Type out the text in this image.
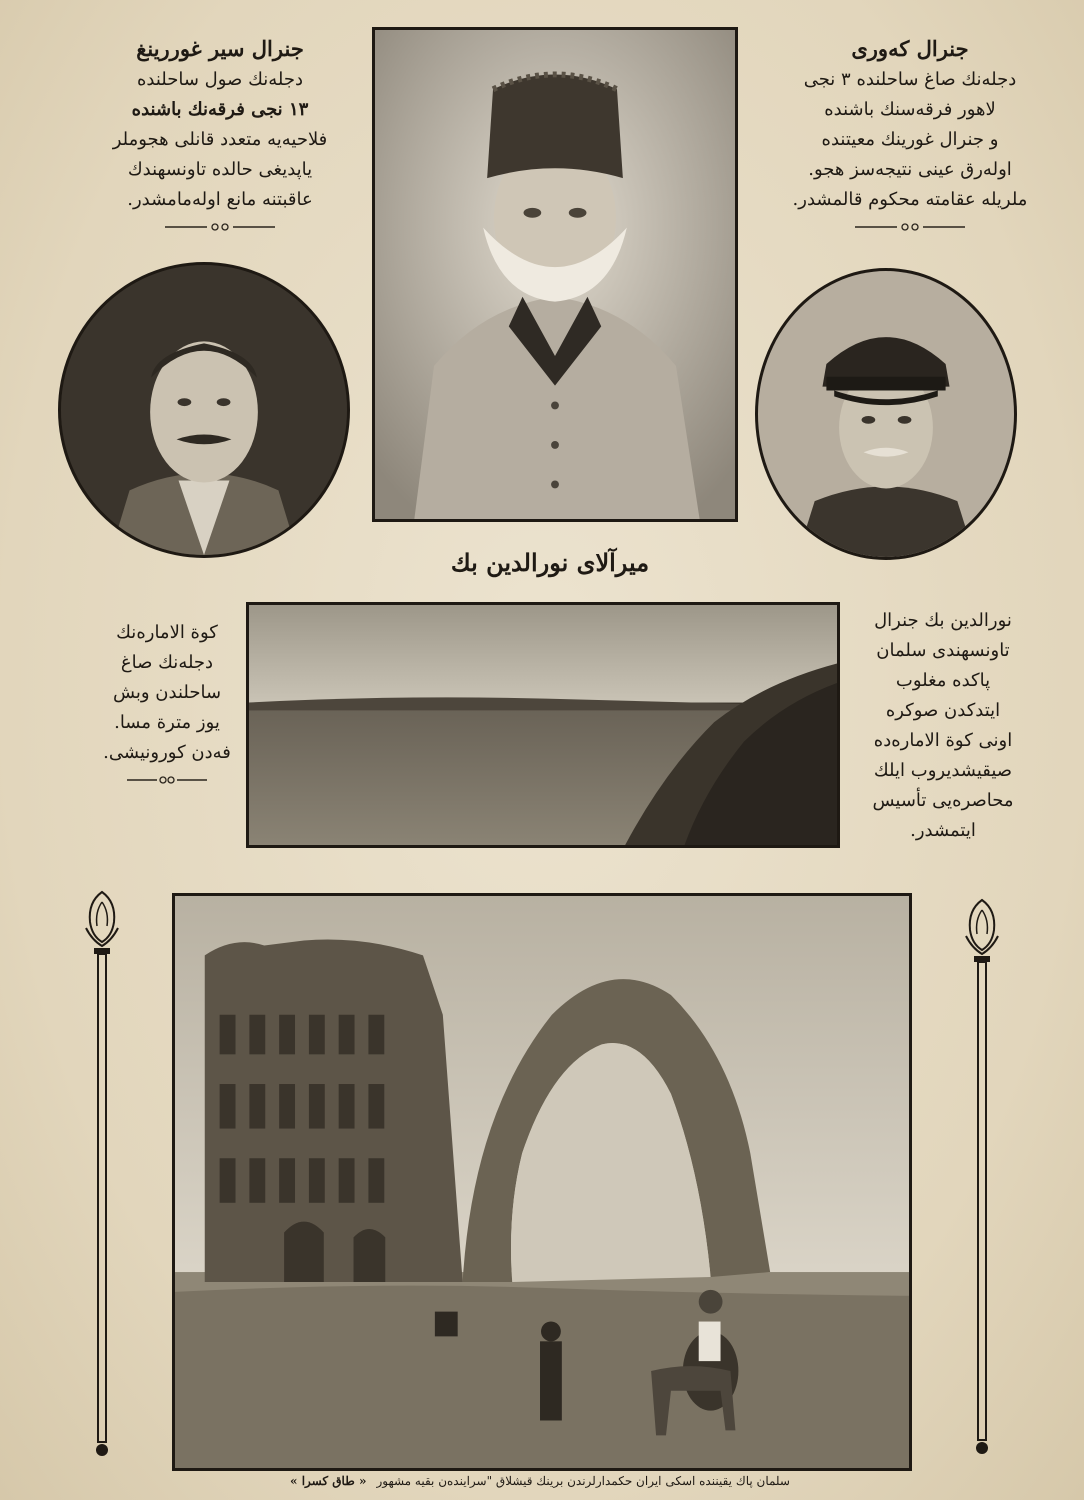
جنرال سير غوررينغ
دجله‌نك صول ساحلنده
١٣ نجى فرقه‌نك باشنده
فلاحيه‌يه متعدد قانلى هجوملر
ياپديغى حالده تاونسهندك
عاقبتنه مانع اوله‌مامشدر.
جنرال كه‌ورى
دجله‌نك صاغ ساحلنده ٣ نجى
لاهور فرقه‌سنك باشنده
و جنرال غورينك معيتنده
اوله‌رق عينى نتيجه‌سز هجو.
ملريله عقامته محكوم قالمشدر.
ميرآلاى نورالدين بك
كوة الاماره‌نك
دجله‌نك صاغ
ساحلندن وبش
يوز مترة مسا.
فه‌دن كورونيشى.
نورالدين بك جنرال
تاونسهندى سلمان
پاكده مغلوب
ايتدكدن صوكره
اونى كوة الاماره‌ده
صيقيشديروب ايلك
محاصره‌يى تأسيس
ايتمشدر.
سلمان پاك يقيننده اسكى ايران حكمدارلرندن برينك قيشلاق "سراينده‌ن بقيه مشهور« طاق كسرا »
